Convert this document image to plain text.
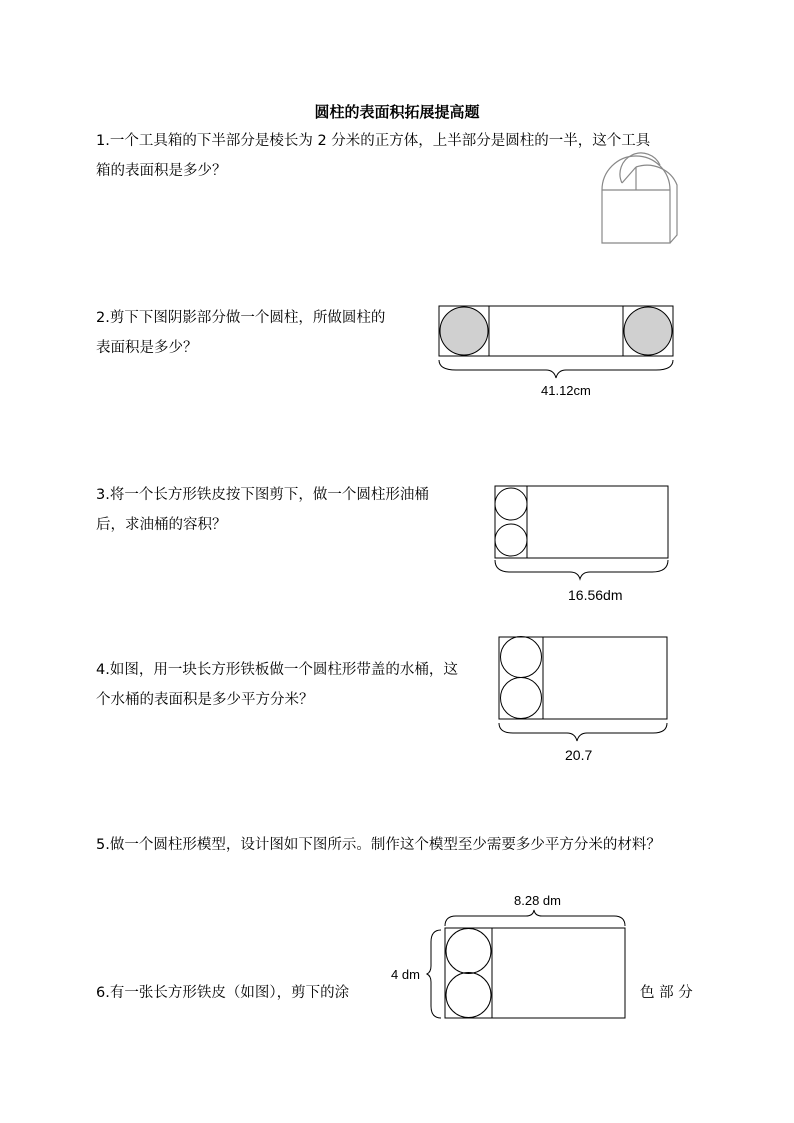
圆柱的表面积拓展提高题
1.一个工具箱的下半部分是棱长为 2 分米的正方体，上半部分是圆柱的一半，这个工具
箱的表面积是多少？
2.剪下下图阴影部分做一个圆柱，所做圆柱的
表面积是多少？
41.12cm
3.将一个长方形铁皮按下图剪下，做一个圆柱形油桶
后，求油桶的容积？
16.56dm
4.如图，用一块长方形铁板做一个圆柱形带盖的水桶，这
个水桶的表面积是多少平方分米？
20.7
5.做一个圆柱形模型，设计图如下图所示。制作这个模型至少需要多少平方分米的材料？
8.28 dm
4 dm
6.有一张长方形铁皮（如图），剪下的涂	色 部 分
